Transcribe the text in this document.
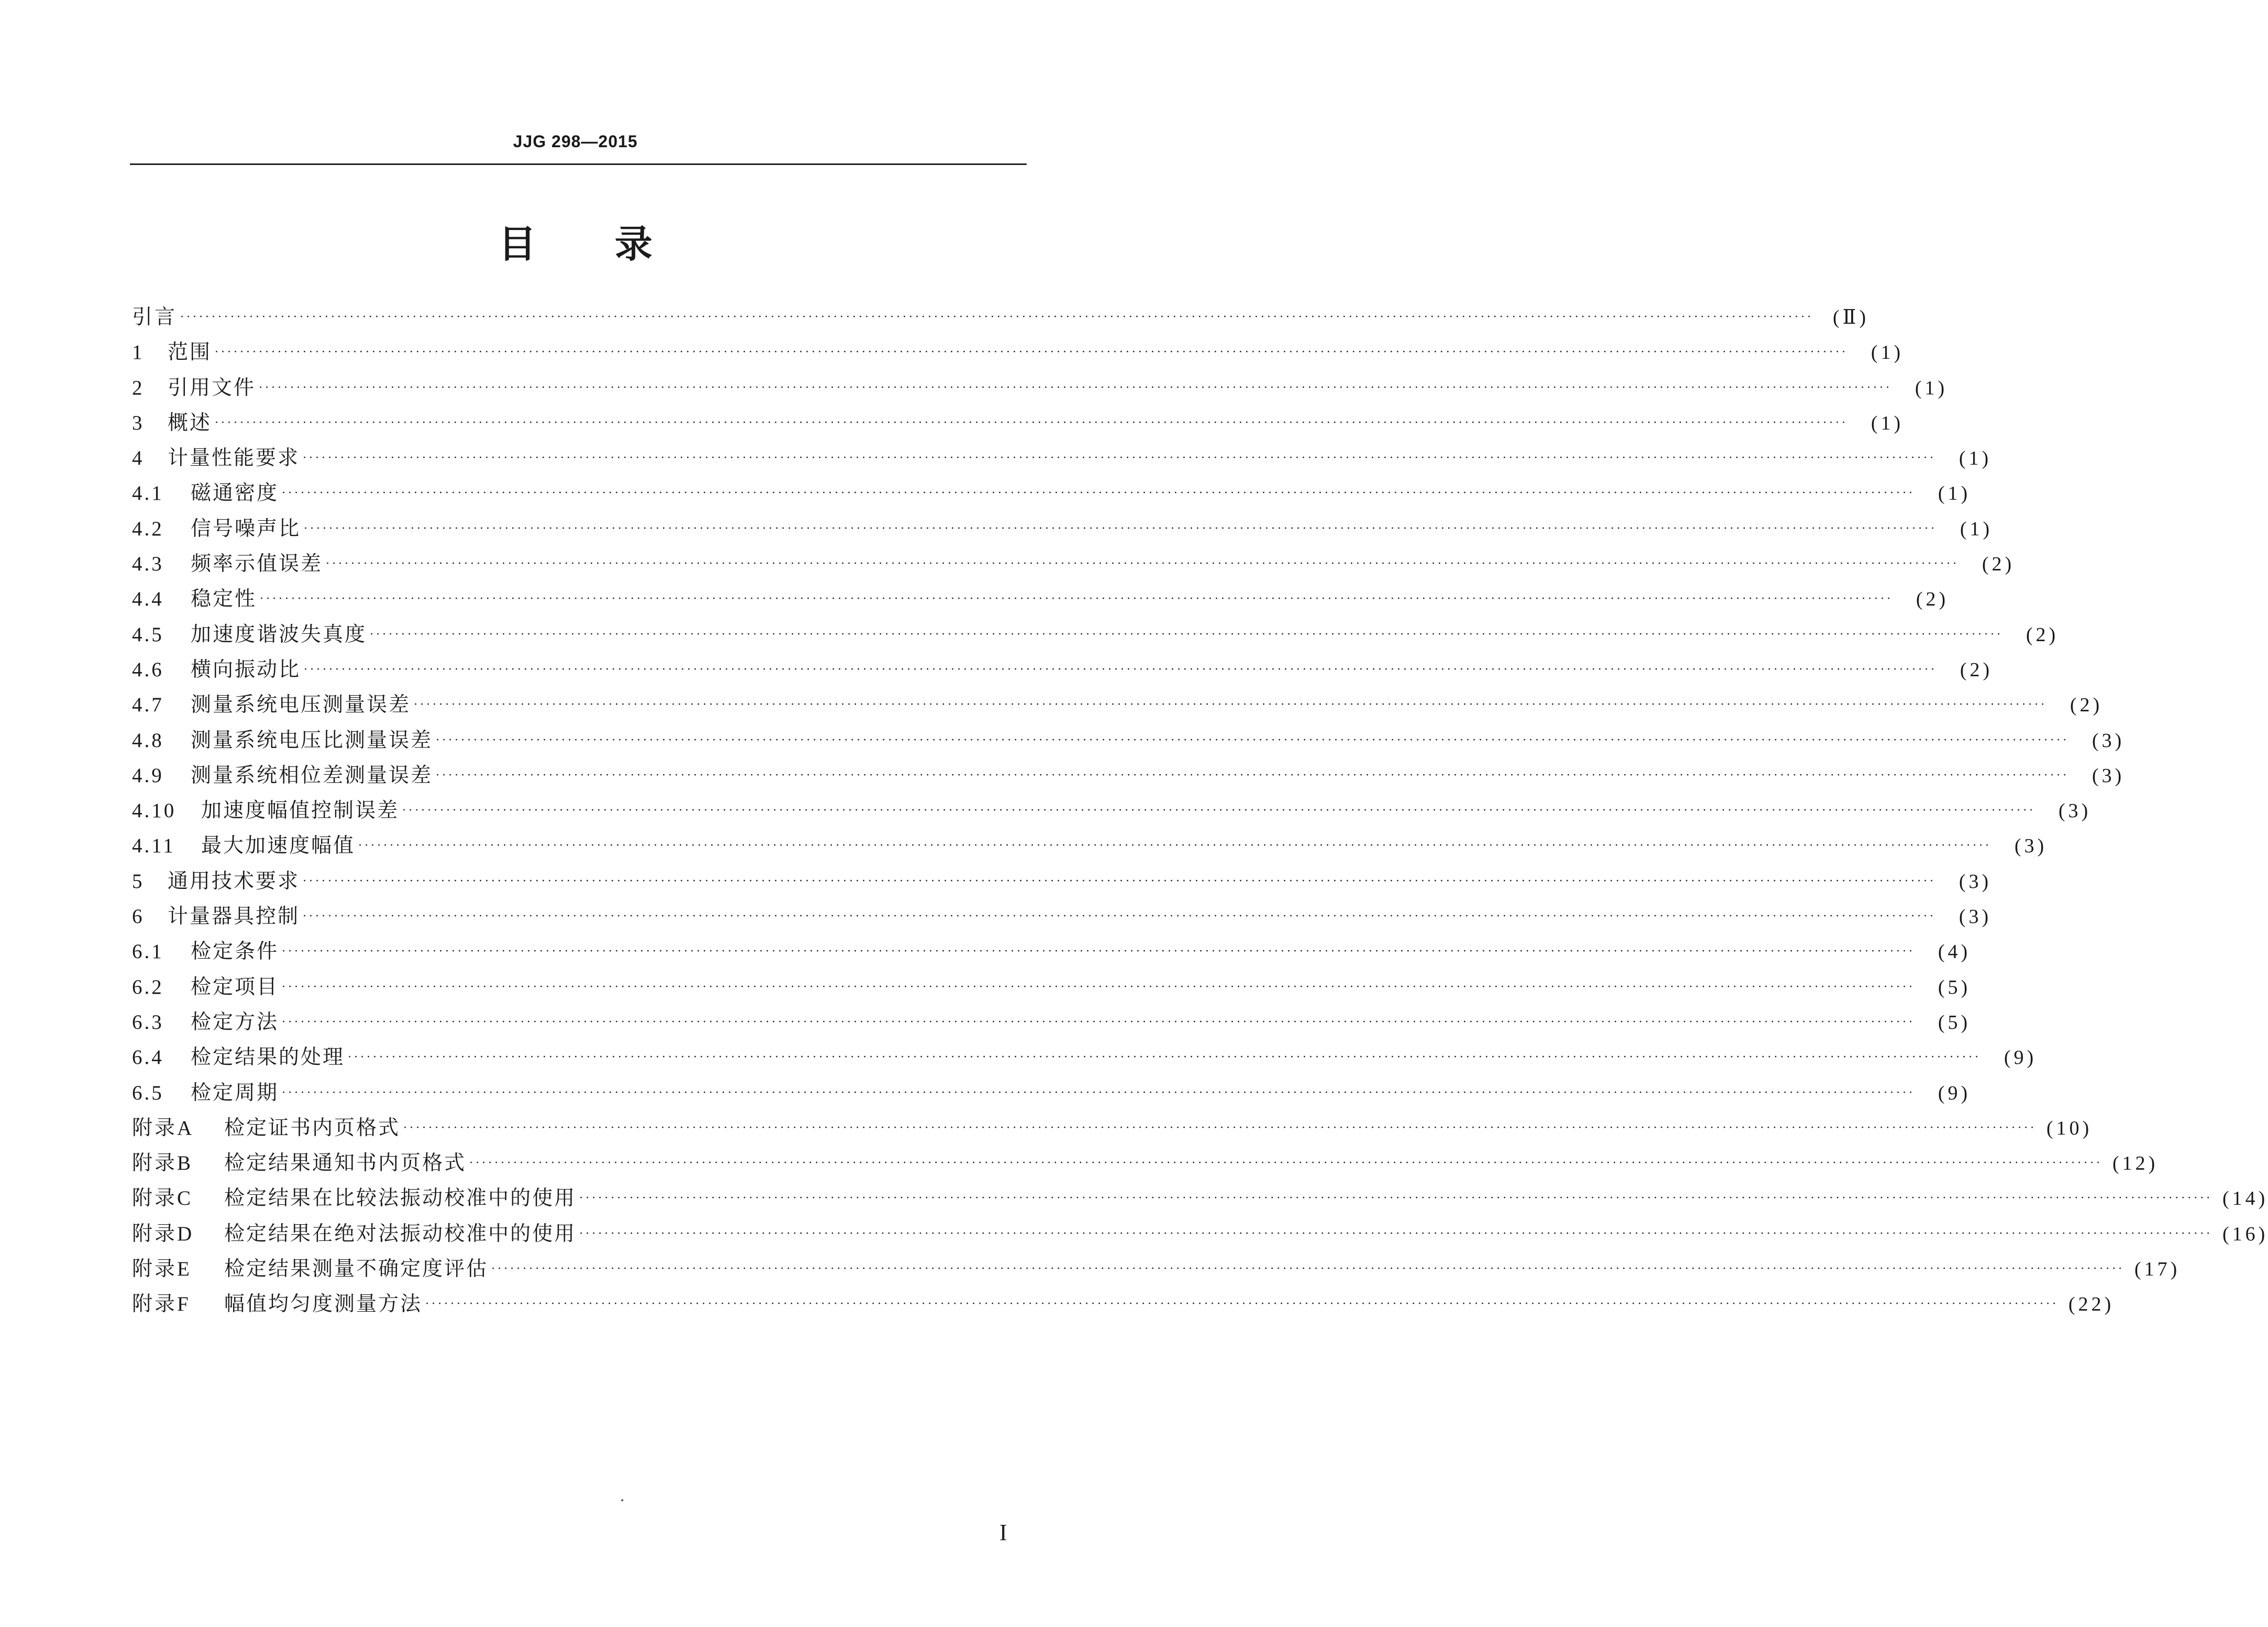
JJG 298—2015
目录
引言 ···································································································································································································································································· (Ⅱ)
1	范围 ····································································································································································································································································	(1)
2	引用文件 ····································································································································································································································································	(1)
3	概述 ····································································································································································································································································	(1)
4	计量性能要求 ····································································································································································································································································	(1)
4.1	磁通密度 ····································································································································································································································································	(1)
4.2	信号噪声比 ····································································································································································································································································	(1)
4.3	频率示值误差 ····································································································································································································································································	(2)
4.4	稳定性 ····································································································································································································································································	(2)
4.5	加速度谐波失真度 ····································································································································································································································································	(2)
4.6	横向振动比 ····································································································································································································································································	(2)
4.7	测量系统电压测量误差 ····································································································································································································································································	(2)
4.8	测量系统电压比测量误差 ····································································································································································································································································	(3)
4.9	测量系统相位差测量误差 ····································································································································································································································································	(3)
4.10	加速度幅值控制误差 ····································································································································································································································································	(3)
4.11	最大加速度幅值 ····································································································································································································································································	(3)
5	通用技术要求 ····································································································································································································································································	(3)
6	计量器具控制 ····································································································································································································································································	(3)
6.1	检定条件 ····································································································································································································································································	(4)
6.2	检定项目 ····································································································································································································································································	(5)
6.3	检定方法 ····································································································································································································································································	(5)
6.4	检定结果的处理 ····································································································································································································································································	(9)
6.5	检定周期 ····································································································································································································································································	(9)
附录A	检定证书内页格式 ···································································································································································································································································· (10)
附录B	检定结果通知书内页格式 ···································································································································································································································································· (12)
附录C	检定结果在比较法振动校准中的使用 ···································································································································································································································································· (14)
附录D	检定结果在绝对法振动校准中的使用 ···································································································································································································································································· (16)
附录E	检定结果测量不确定度评估 ···································································································································································································································································· (17)
附录F	幅值均匀度测量方法 ···································································································································································································································································· (22)
I
